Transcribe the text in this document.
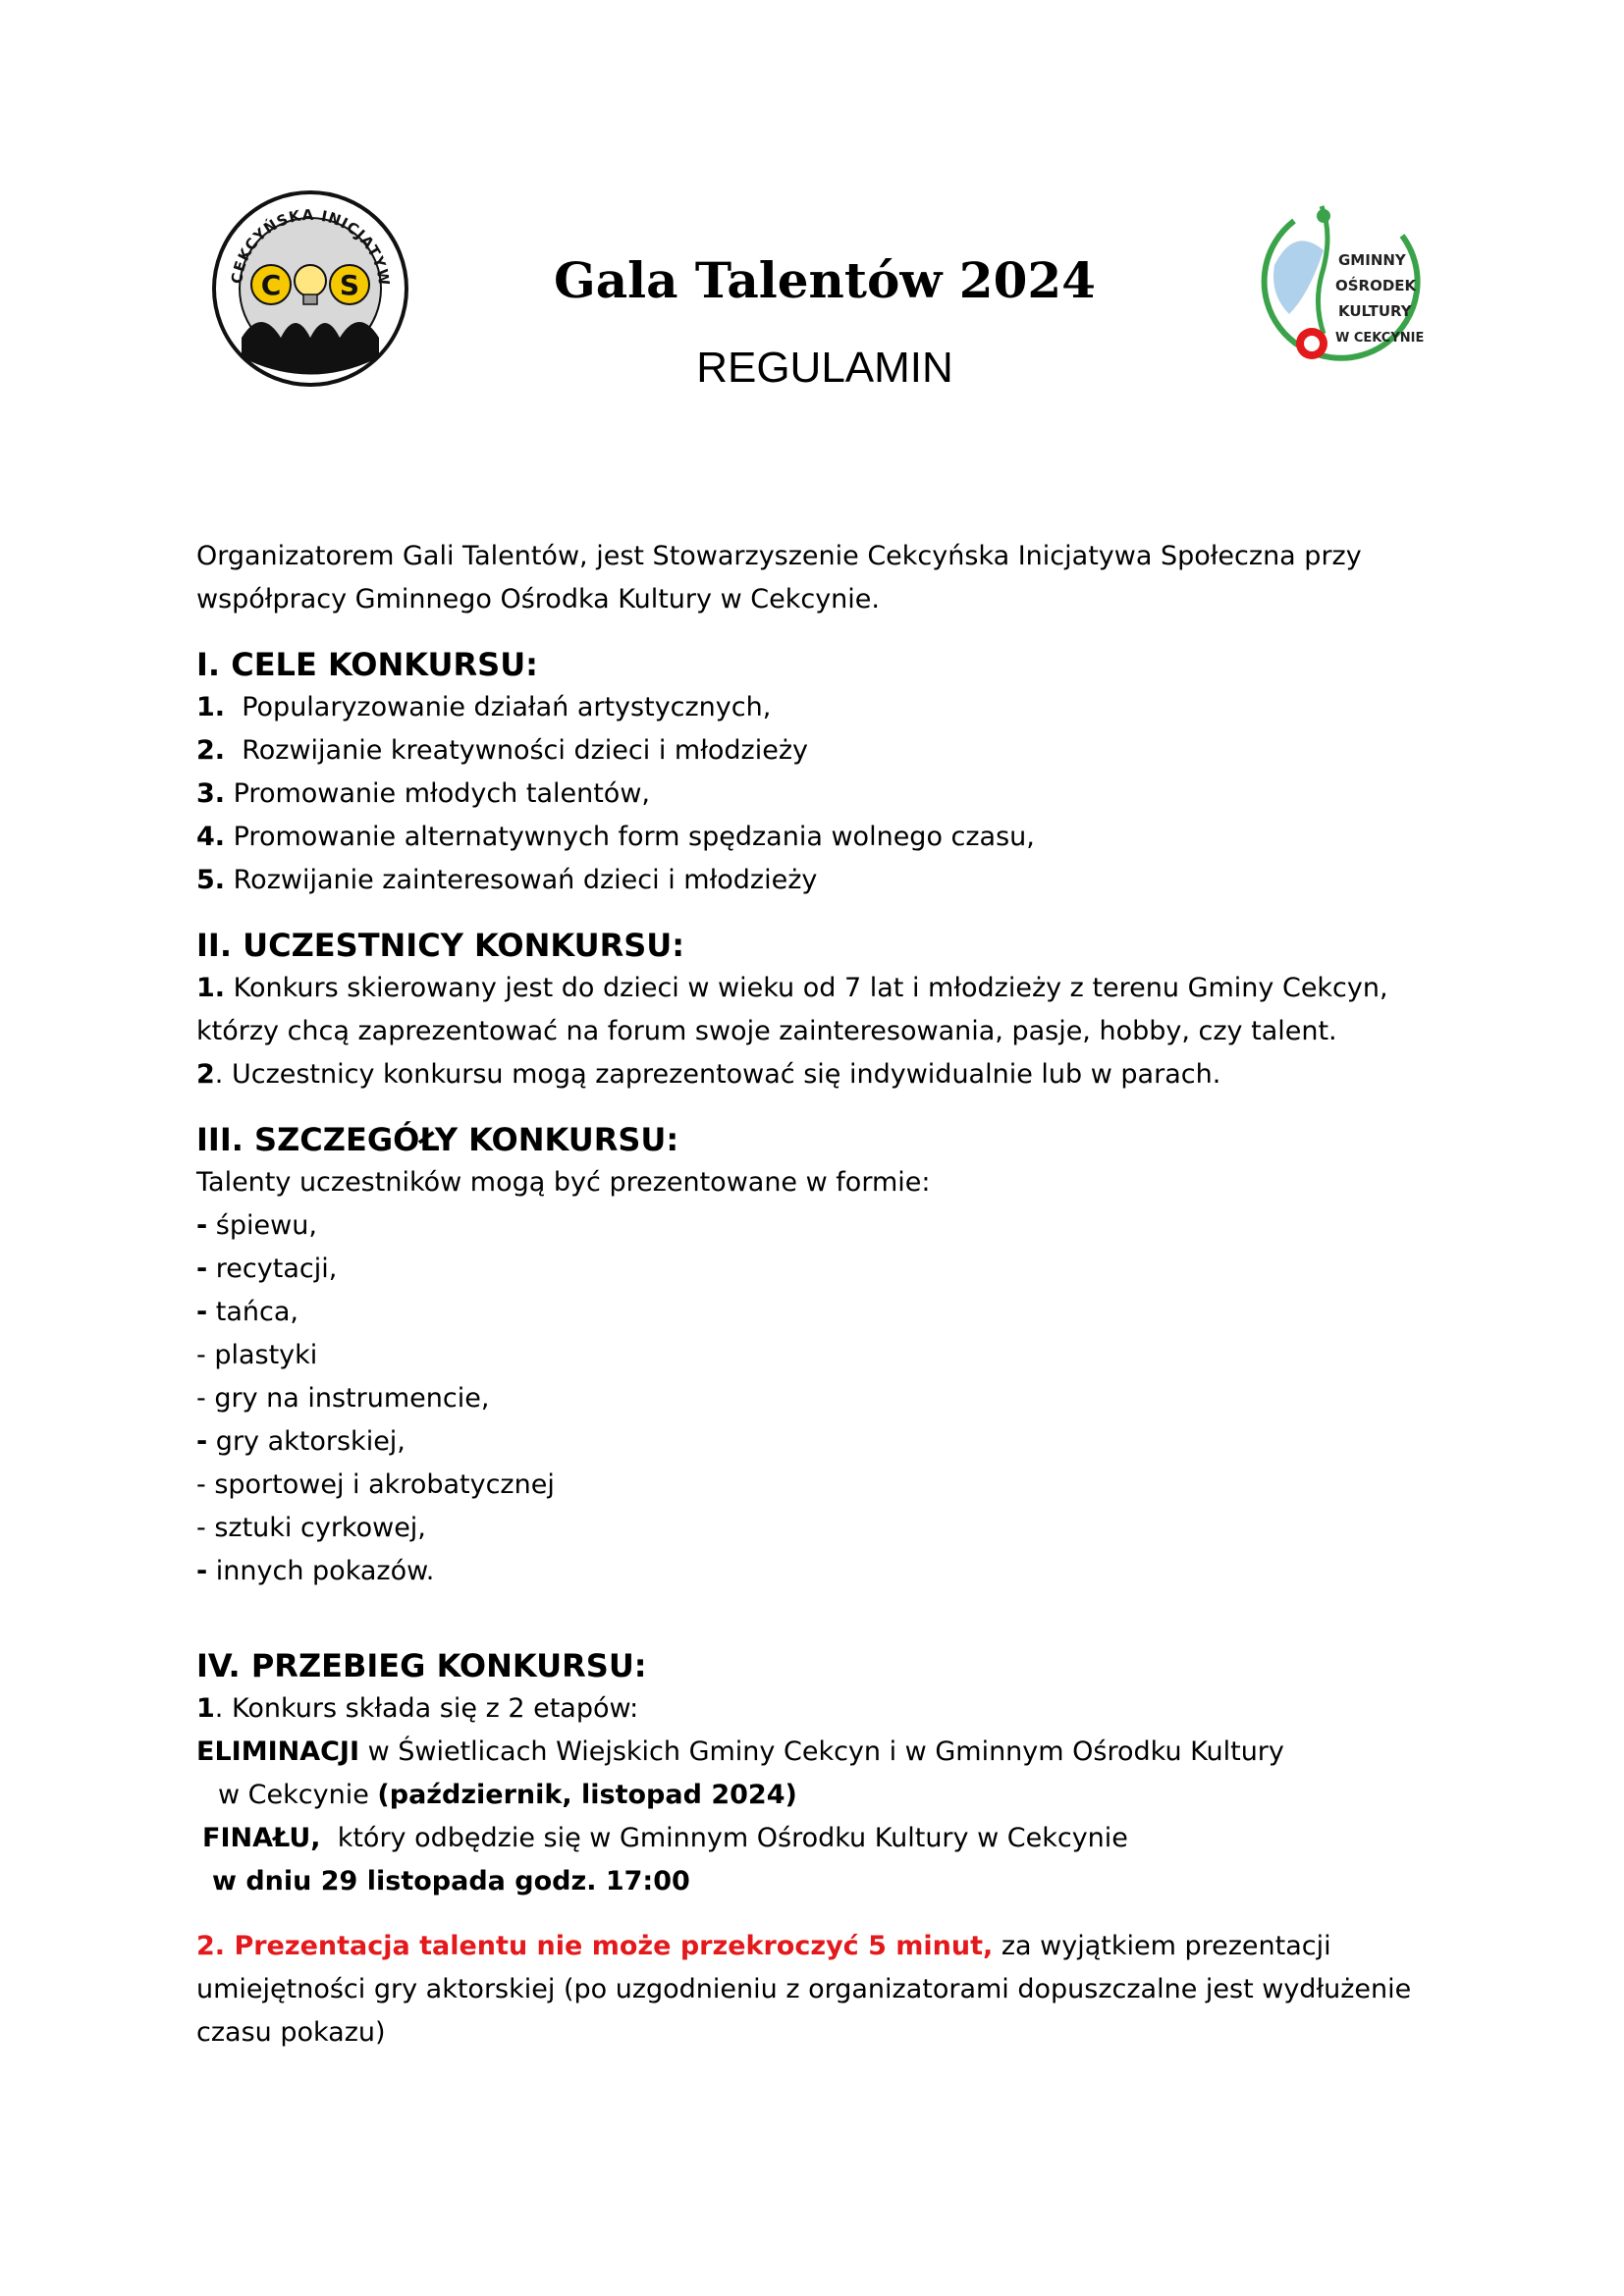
CEKCYŃSKA INICJATYW
C S
GMINNY
OŚRODEK
KULTURY
W CEKCYNIE
Gala Talentów 2024
REGULAMIN

Organizatorem Gali Talentów, jest Stowarzyszenie Cekcyńska Inicjatywa Społeczna przy współpracy Gminnego Ośrodka Kultury w Cekcynie.

I. CELE KONKURSU:

1.  Popularyzowanie działań artystycznych,

2.  Rozwijanie kreatywności dzieci i młodzieży

3. Promowanie młodych talentów,

4. Promowanie alternatywnych form spędzania wolnego czasu,

5. Rozwijanie zainteresowań dzieci i młodzieży

II. UCZESTNICY KONKURSU:

1. Konkurs skierowany jest do dzieci w wieku od 7 lat i młodzieży z terenu Gminy Cekcyn, którzy chcą zaprezentować na forum swoje zainteresowania, pasje, hobby, czy talent.

2. Uczestnicy konkursu mogą zaprezentować się indywidualnie lub w parach.

III. SZCZEGÓŁY KONKURSU:

Talenty uczestników mogą być prezentowane w formie:

- śpiewu,

- recytacji,

- tańca,

- plastyki

- gry na instrumencie,

- gry aktorskiej,

- sportowej i akrobatycznej

- sztuki cyrkowej,

- innych pokazów.

IV. PRZEBIEG KONKURSU:

1. Konkurs składa się z 2 etapów:

ELIMINACJI w Świetlicach Wiejskich Gminy Cekcyn i w Gminnym Ośrodku Kultury

w Cekcynie (październik, listopad 2024)

FINAŁU,  który odbędzie się w Gminnym Ośrodku Kultury w Cekcynie

w dniu 29 listopada godz. 17:00

2. Prezentacja talentu nie może przekroczyć 5 minut, za wyjątkiem prezentacji umiejętności gry aktorskiej (po uzgodnieniu z organizatorami dopuszczalne jest wydłużenie czasu pokazu)
